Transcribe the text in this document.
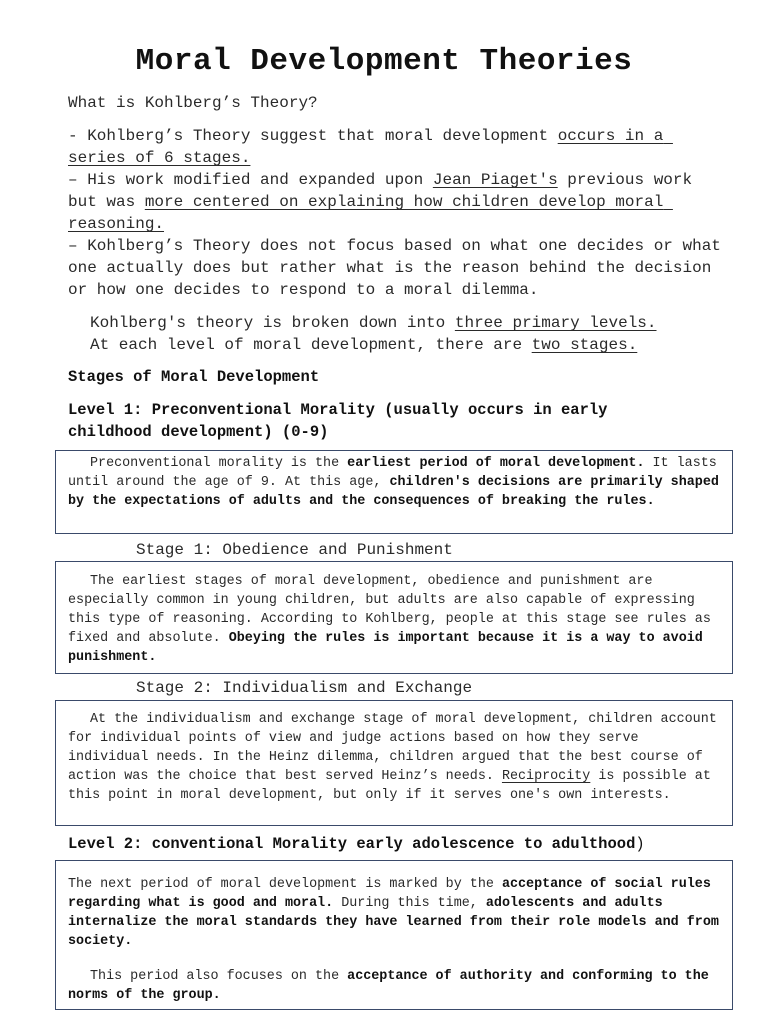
Moral Development Theories
What is Kohlberg’s Theory?
- Kohlberg’s Theory suggest that moral development occurs in a series of 6 stages.
– His work modified and expanded upon Jean Piaget's previous work but was more centered on explaining how children develop moral reasoning.
– Kohlberg’s Theory does not focus based on what one decides or what one actually does but rather what is the reason behind the decision or how one decides to respond to a moral dilemma.
Kohlberg's theory is broken down into three primary levels.
At each level of moral development, there are two stages.
Stages of Moral Development
Level 1: Preconventional Morality (usually occurs in early
childhood development) (0-9)
Preconventional morality is the earliest period of moral development. It lasts until around the age of 9. At this age, children's decisions are primarily shaped by the expectations of adults and the consequences of breaking the rules.
Stage 1: Obedience and Punishment
The earliest stages of moral development, obedience and punishment are especially common in young children, but adults are also capable of expressing this type of reasoning. According to Kohlberg, people at this stage see rules as fixed and absolute. Obeying the rules is important because it is a way to avoid punishment.
Stage 2: Individualism and Exchange
At the individualism and exchange stage of moral development, children account for individual points of view and judge actions based on how they serve individual needs. In the Heinz dilemma, children argued that the best course of action was the choice that best served Heinz’s needs. Reciprocity is possible at this point in moral development, but only if it serves one's own interests.
Level 2: conventional Morality early adolescence to adulthood)
The next period of moral development is marked by the acceptance of social rules regarding what is good and moral. During this time, adolescents and adults internalize the moral standards they have learned from their role models and from society.
This period also focuses on the acceptance of authority and conforming to the norms of the group.
